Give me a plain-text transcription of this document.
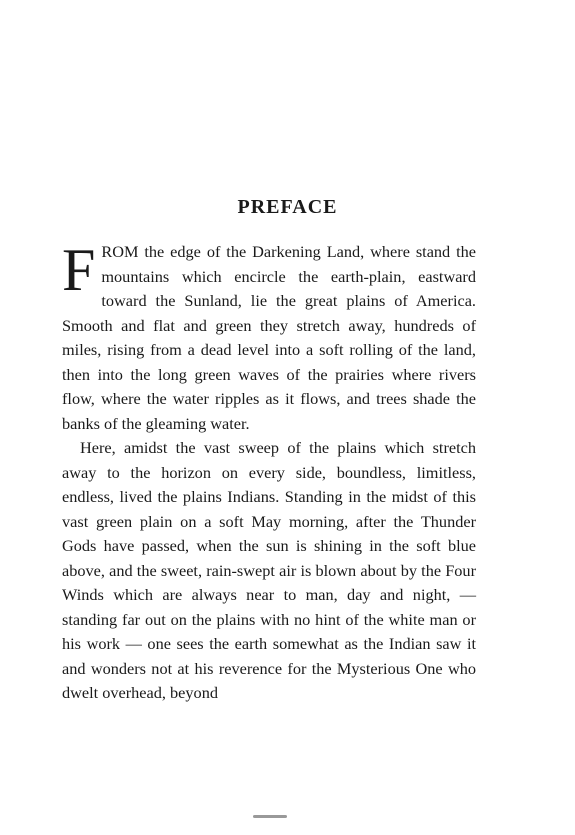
PREFACE

FROM the edge of the Darkening Land, where stand the mountains which encircle the earth-plain, eastward toward the Sunland, lie the great plains of America. Smooth and flat and green they stretch away, hundreds of miles, rising from a dead level into a soft rolling of the land, then into the long green waves of the prairies where rivers flow, where the water ripples as it flows, and trees shade the banks of the gleaming water.

Here, amidst the vast sweep of the plains which stretch away to the horizon on every side, boundless, limitless, endless, lived the plains Indians. Standing in the midst of this vast green plain on a soft May morning, after the Thunder Gods have passed, when the sun is shining in the soft blue above, and the sweet, rain-swept air is blown about by the Four Winds which are always near to man, day and night, — standing far out on the plains with no hint of the white man or his work — one sees the earth somewhat as the Indian saw it and wonders not at his reverence for the Mysterious One who dwelt overhead, beyond
